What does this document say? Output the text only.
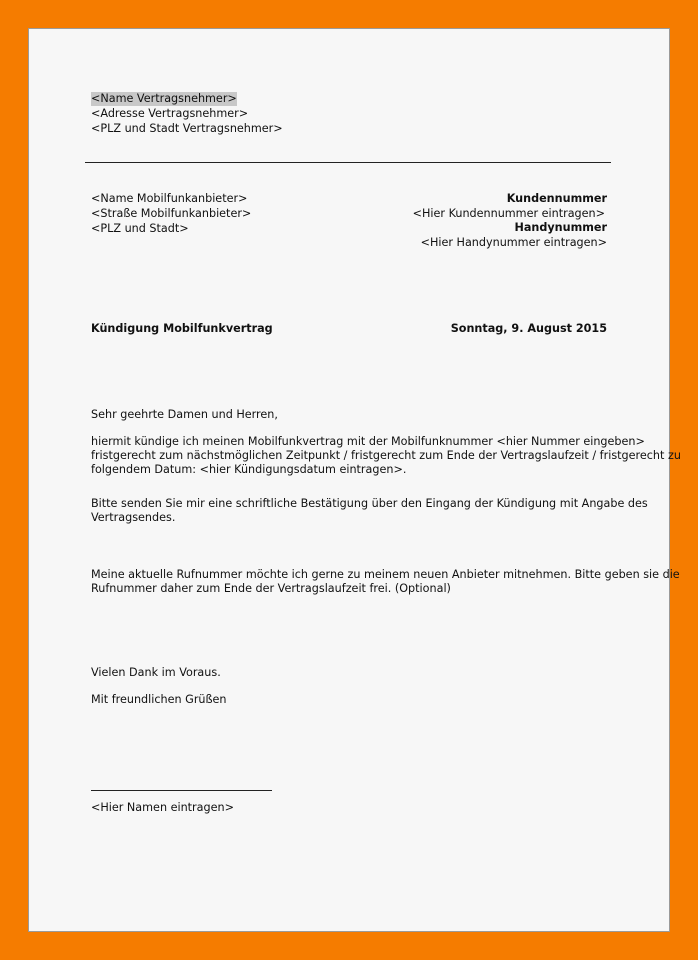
<Name Vertragsnehmer>
<Adresse Vertragsnehmer>
<PLZ und Stadt Vertragsnehmer>
<Name Mobilfunkanbieter>
<Straße Mobilfunkanbieter>
<PLZ und Stadt>
Kundennummer
<Hier Kundennummer eintragen>
Handynummer
<Hier Handynummer eintragen>
Kündigung Mobilfunkvertrag	Sonntag, 9. August 2015
Sehr geehrte Damen und Herren,
hiermit kündige ich meinen Mobilfunkvertrag mit der Mobilfunknummer <hier Nummer eingeben>
fristgerecht zum nächstmöglichen Zeitpunkt / fristgerecht zum Ende der Vertragslaufzeit / fristgerecht zu
folgendem Datum: <hier Kündigungsdatum eintragen>.
Bitte senden Sie mir eine schriftliche Bestätigung über den Eingang der Kündigung mit Angabe des
Vertragsendes.
Meine aktuelle Rufnummer möchte ich gerne zu meinem neuen Anbieter mitnehmen. Bitte geben sie die
Rufnummer daher zum Ende der Vertragslaufzeit frei. (Optional)
Vielen Dank im Voraus.
Mit freundlichen Grüßen
<Hier Namen eintragen>
